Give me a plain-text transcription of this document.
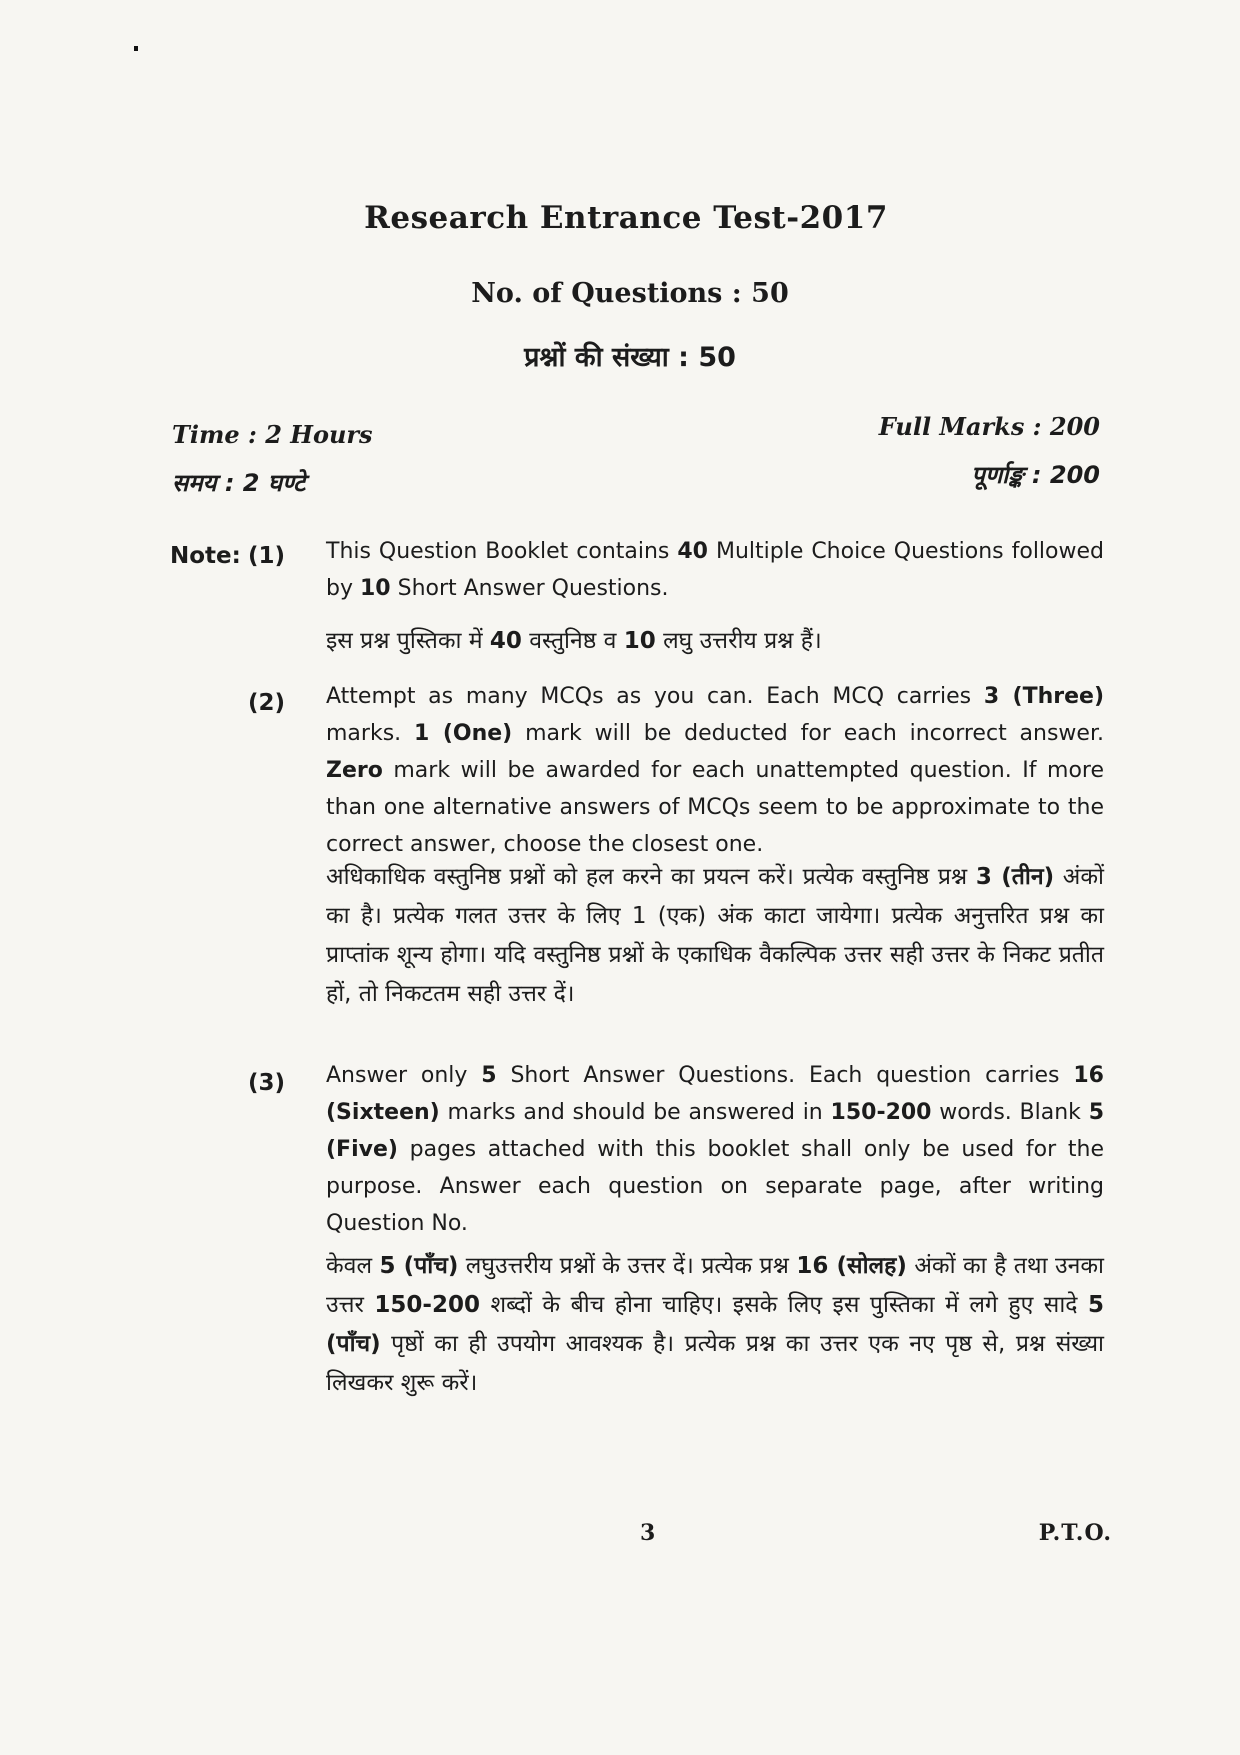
Research Entrance Test-2017
No. of Questions : 50
प्रश्नों की संख्या : 50
Time : 2 Hours
समय : 2 घण्टे
Full Marks : 200
पूर्णाङ्क : 200
Note: (1) This Question Booklet contains 40 Multiple Choice Questions followed by 10 Short Answer Questions.
इस प्रश्न पुस्तिका में 40 वस्तुनिष्ठ व 10 लघु उत्तरीय प्रश्न हैं।
(2) Attempt as many MCQs as you can. Each MCQ carries 3 (Three) marks. 1 (One) mark will be deducted for each incorrect answer. Zero mark will be awarded for each unattempted question. If more than one alternative answers of MCQs seem to be approximate to the correct answer, choose the closest one.
अधिकाधिक वस्तुनिष्ठ प्रश्नों को हल करने का प्रयत्न करें। प्रत्येक वस्तुनिष्ठ प्रश्न 3 (तीन) अंकों का है। प्रत्येक गलत उत्तर के लिए 1 (एक) अंक काटा जायेगा। प्रत्येक अनुत्तरित प्रश्न का प्राप्तांक शून्य होगा। यदि वस्तुनिष्ठ प्रश्नों के एकाधिक वैकल्पिक उत्तर सही उत्तर के निकट प्रतीत हों, तो निकटतम सही उत्तर दें।
(3) Answer only 5 Short Answer Questions. Each question carries 16 (Sixteen) marks and should be answered in 150-200 words. Blank 5 (Five) pages attached with this booklet shall only be used for the purpose. Answer each question on separate page, after writing Question No.
केवल 5 (पाँच) लघुउत्तरीय प्रश्नों के उत्तर दें। प्रत्येक प्रश्न 16 (सोलह) अंकों का है तथा उनका उत्तर 150-200 शब्दों के बीच होना चाहिए। इसके लिए इस पुस्तिका में लगे हुए सादे 5 (पाँच) पृष्ठों का ही उपयोग आवश्यक है। प्रत्येक प्रश्न का उत्तर एक नए पृष्ठ से, प्रश्न संख्या लिखकर शुरू करें।
3	P.T.O.
